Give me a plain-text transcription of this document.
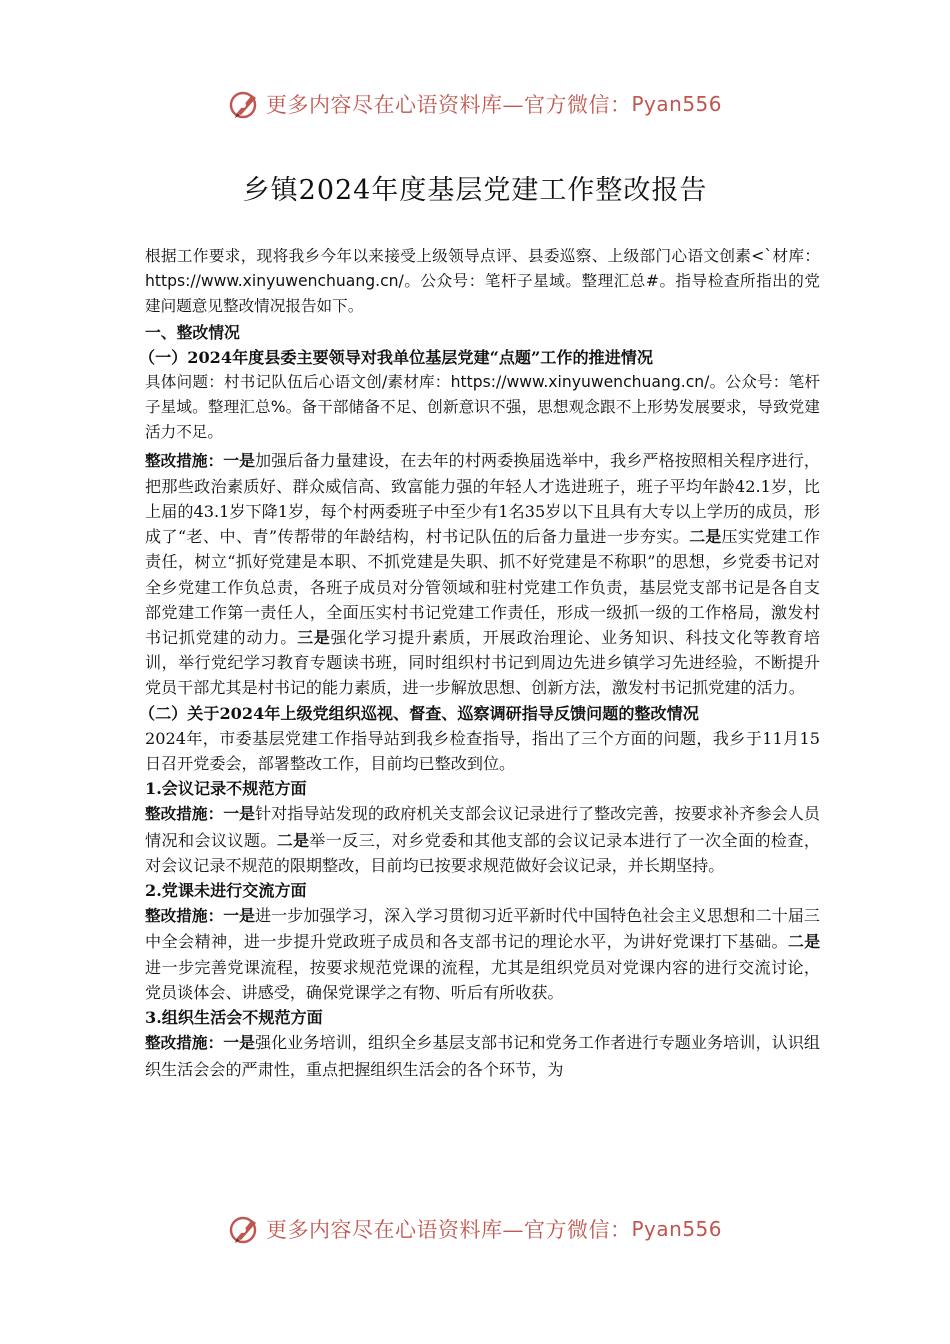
更多内容尽在心语资料库—官方微信： Pyan556
乡镇2024年度基层党建工作整改报告

根据工作要求，现将我乡今年以来接受上级领导点评、县委巡察、上级部门心语文创素<`材库：https://www.xinyuwenchuang.cn/。公众号：笔杆子星域。整理汇总#。指导检查所指出的党建问题意见整改情况报告如下。

一、整改情况

（一）2024年度县委主要领导对我单位基层党建“点题”工作的推进情况

具体问题：村书记队伍后心语文创/素材库：https://www.xinyuwenchuang.cn/。公众号：笔杆子星域。整理汇总%。备干部储备不足、创新意识不强，思想观念跟不上形势发展要求，导致党建活力不足。

整改措施：一是加强后备力量建设，在去年的村两委换届选举中，我乡严格按照相关程序进行，把那些政治素质好、群众威信高、致富能力强的年轻人才选进班子，班子平均年龄42.1岁，比上届的43.1岁下降1岁，每个村两委班子中至少有1名35岁以下且具有大专以上学历的成员，形成了“老、中、青”传帮带的年龄结构，村书记队伍的后备力量进一步夯实。二是压实党建工作责任，树立“抓好党建是本职、不抓党建是失职、抓不好党建是不称职”的思想，乡党委书记对全乡党建工作负总责，各班子成员对分管领域和驻村党建工作负责，基层党支部书记是各自支部党建工作第一责任人，全面压实村书记党建工作责任，形成一级抓一级的工作格局，激发村书记抓党建的动力。三是强化学习提升素质，开展政治理论、业务知识、科技文化等教育培训，举行党纪学习教育专题读书班，同时组织村书记到周边先进乡镇学习先进经验，不断提升党员干部尤其是村书记的能力素质，进一步解放思想、创新方法，激发村书记抓党建的活力。

（二）关于2024年上级党组织巡视、督查、巡察调研指导反馈问题的整改情况

2024年，市委基层党建工作指导站到我乡检查指导，指出了三个方面的问题，我乡于11月15日召开党委会，部署整改工作，目前均已整改到位。

1.会议记录不规范方面

整改措施：一是针对指导站发现的政府机关支部会议记录进行了整改完善，按要求补齐参会人员情况和会议议题。二是举一反三，对乡党委和其他支部的会议记录本进行了一次全面的检查，对会议记录不规范的限期整改，目前均已按要求规范做好会议记录，并长期坚持。

2.党课未进行交流方面

整改措施：一是进一步加强学习，深入学习贯彻习近平新时代中国特色社会主义思想和二十届三中全会精神，进一步提升党政班子成员和各支部书记的理论水平，为讲好党课打下基础。二是进一步完善党课流程，按要求规范党课的流程，尤其是组织党员对党课内容的进行交流讨论，党员谈体会、讲感受，确保党课学之有物、听后有所收获。

3.组织生活会不规范方面

整改措施：一是强化业务培训，组织全乡基层支部书记和党务工作者进行专题业务培训，认识组织生活会会的严肃性，重点把握组织生活会的各个环节，为

更多内容尽在心语资料库—官方微信： Pyan556
